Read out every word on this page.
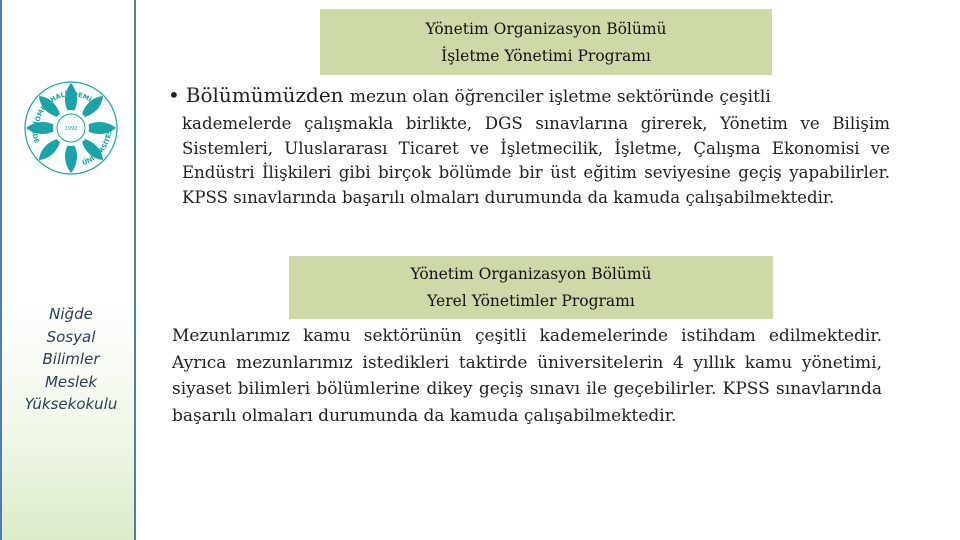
ÖMER HALİSDEMİR
NİĞDE
ÜNİVERSİTESİ
1992
Niğde
Sosyal
Bilimler
Meslek
Yüksekokulu
Yönetim Organizasyon Bölümü
İşletme Yönetimi Programı
• Bölümümüzden mezun olan öğrenciler işletme sektöründe çeşitli
kademelerde çalışmakla birlikte, DGS sınavlarına girerek, Yönetim ve Bilişim Sistemleri, Uluslararası Ticaret ve İşletmecilik, İşletme, Çalışma Ekonomisi ve Endüstri İlişkileri gibi birçok bölümde bir üst eğitim seviyesine geçiş yapabilirler. KPSS sınavlarında başarılı olmaları durumunda da kamuda çalışabilmektedir.
Yönetim Organizasyon Bölümü
Yerel Yönetimler Programı
Mezunlarımız kamu sektörünün çeşitli kademelerinde istihdam edilmektedir. Ayrıca mezunlarımız istedikleri taktirde üniversitelerin 4 yıllık kamu yönetimi, siyaset bilimleri bölümlerine dikey geçiş sınavı ile geçebilirler. KPSS sınavlarında başarılı olmaları durumunda da kamuda çalışabilmektedir.
